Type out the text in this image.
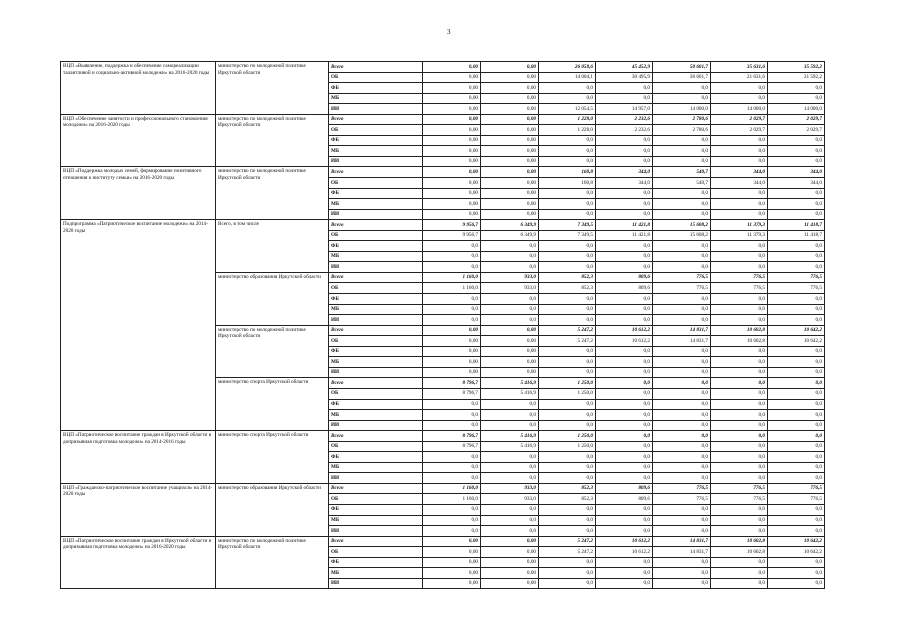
3
ВЦП «Выявление, поддержка и обеспечение самореализации талантливой и социально-активной молодежи» на 2016-2020 годы	министерство по молодежной политике Иркутской области	Всего	0,00	0,00	26 058,6	45 452,9	50 601,7	35 631,6	35 592,2
		ОБ	0,00	0,00	14 004,1	30 495,9	36 601,7	21 631,6	21 592,2
		ФБ	0,00	0,00	0,0	0,0	0,0	0,0	0,0
		МБ	0,00	0,00	0,0	0,0	0,0	0,0	0,0
		ИИ	0,00	0,00	12 054,5	14 957,0	14 000,0	14 000,0	14 000,0
ВЦП «Обеспечение занятости и профессионального становления молодежи» на 2016-2020 годы	министерство по молодежной политике Иркутской области	Всего	0,00	0,00	1 228,0	2 232,6	2 780,6	2 029,7	2 029,7
		ОБ	0,00	0,00	1 228,0	2 232,6	2 780,6	2 029,7	2 029,7
		ФБ	0,00	0,00	0,0	0,0	0,0	0,0	0,0
		МБ	0,00	0,00	0,0	0,0	0,0	0,0	0,0
		ИИ	0,00	0,00	0,0	0,0	0,0	0,0	0,0
ВЦП «Поддержка молодых семей, формирование позитивного отношения к институту семьи» на 2016-2020 годы	министерство по молодежной политике Иркутской области	Всего	0,00	0,00	160,8	344,0	540,7	344,0	344,0
		ОБ	0,00	0,00	160,8	344,0	540,7	344,0	344,0
		ФБ	0,00	0,00	0,0	0,0	0,0	0,0	0,0
		МБ	0,00	0,00	0,0	0,0	0,0	0,0	0,0
		ИИ	0,00	0,00	0,0	0,0	0,0	0,0	0,0
Подпрограмма «Патриотическое воспитание молодежи» на 2014-2020 годы	Всего, в том числе	Всего	9 956,7	6 349,9	7 349,5	11 421,8	15 608,2	11 379,3	11 418,7
		ОБ	9 956,7	6 349,9	7 349,5	11 421,8	15 608,2	11 379,3	11 418,7
		ФБ	0,0	0,0	0,0	0,0	0,0	0,0	0,0
		МБ	0,0	0,0	0,0	0,0	0,0	0,0	0,0
		ИИ	0,0	0,0	0,0	0,0	0,0	0,0	0,0
	министерство образования Иркутской области	Всего	1 160,0	933,0	852,3	809,6	776,5	776,5	776,5
		ОБ	1 160,0	933,0	852,3	809,6	776,5	776,5	776,5
		ФБ	0,0	0,0	0,0	0,0	0,0	0,0	0,0
		МБ	0,0	0,0	0,0	0,0	0,0	0,0	0,0
		ИИ	0,0	0,0	0,0	0,0	0,0	0,0	0,0
	министерство по молодежной политике Иркутской области	Всего	0,00	0,00	5 247,2	10 612,2	14 831,7	10 602,8	10 642,2
		ОБ	0,00	0,00	5 247,2	10 612,2	14 831,7	10 602,8	10 642,2
		ФБ	0,00	0,00	0,0	0,0	0,0	0,0	0,0
		МБ	0,00	0,00	0,0	0,0	0,0	0,0	0,0
		ИИ	0,00	0,00	0,0	0,0	0,0	0,0	0,0
	министерство спорта Иркутской области	Всего	8 796,7	5 416,9	1 250,0	0,0	0,0	0,0	0,0
		ОБ	8 796,7	5 416,9	1 250,0	0,0	0,0	0,0	0,0
		ФБ	0,0	0,0	0,0	0,0	0,0	0,0	0,0
		МБ	0,0	0,0	0,0	0,0	0,0	0,0	0,0
		ИИ	0,0	0,0	0,0	0,0	0,0	0,0	0,0
ВЦП «Патриотическое воспитание граждан в Иркутской области и допризывная подготовка молодежи» на 2014-2016 годы	министерство спорта Иркутской области	Всего	8 796,7	5 416,9	1 250,0	0,0	0,0	0,0	0,0
		ОБ	8 796,7	5 416,9	1 250,0	0,0	0,0	0,0	0,0
		ФБ	0,0	0,0	0,0	0,0	0,0	0,0	0,0
		МБ	0,0	0,0	0,0	0,0	0,0	0,0	0,0
		ИИ	0,0	0,0	0,0	0,0	0,0	0,0	0,0
ВЦП «Гражданско-патриотическое воспитание учащихся» на 2014-2020 годы	министерство образования Иркутской области	Всего	1 160,0	933,0	852,3	809,6	776,5	776,5	776,5
		ОБ	1 160,0	933,0	852,3	809,6	776,5	776,5	776,5
		ФБ	0,0	0,0	0,0	0,0	0,0	0,0	0,0
		МБ	0,0	0,0	0,0	0,0	0,0	0,0	0,0
		ИИ	0,0	0,0	0,0	0,0	0,0	0,0	0,0
ВЦП «Патриотическое воспитание граждан в Иркутской области и допризывная подготовка молодежи» на 2016-2020 годы	министерство по молодежной политике Иркутской области	Всего	0,00	0,00	5 247,2	10 612,2	14 831,7	10 602,8	10 642,2
		ОБ	0,00	0,00	5 247,2	10 612,2	14 831,7	10 602,8	10 642,2
		ФБ	0,00	0,00	0,0	0,0	0,0	0,0	0,0
		МБ	0,00	0,00	0,0	0,0	0,0	0,0	0,0
		ИИ	0,00	0,00	0,0	0,0	0,0	0,0	0,0
